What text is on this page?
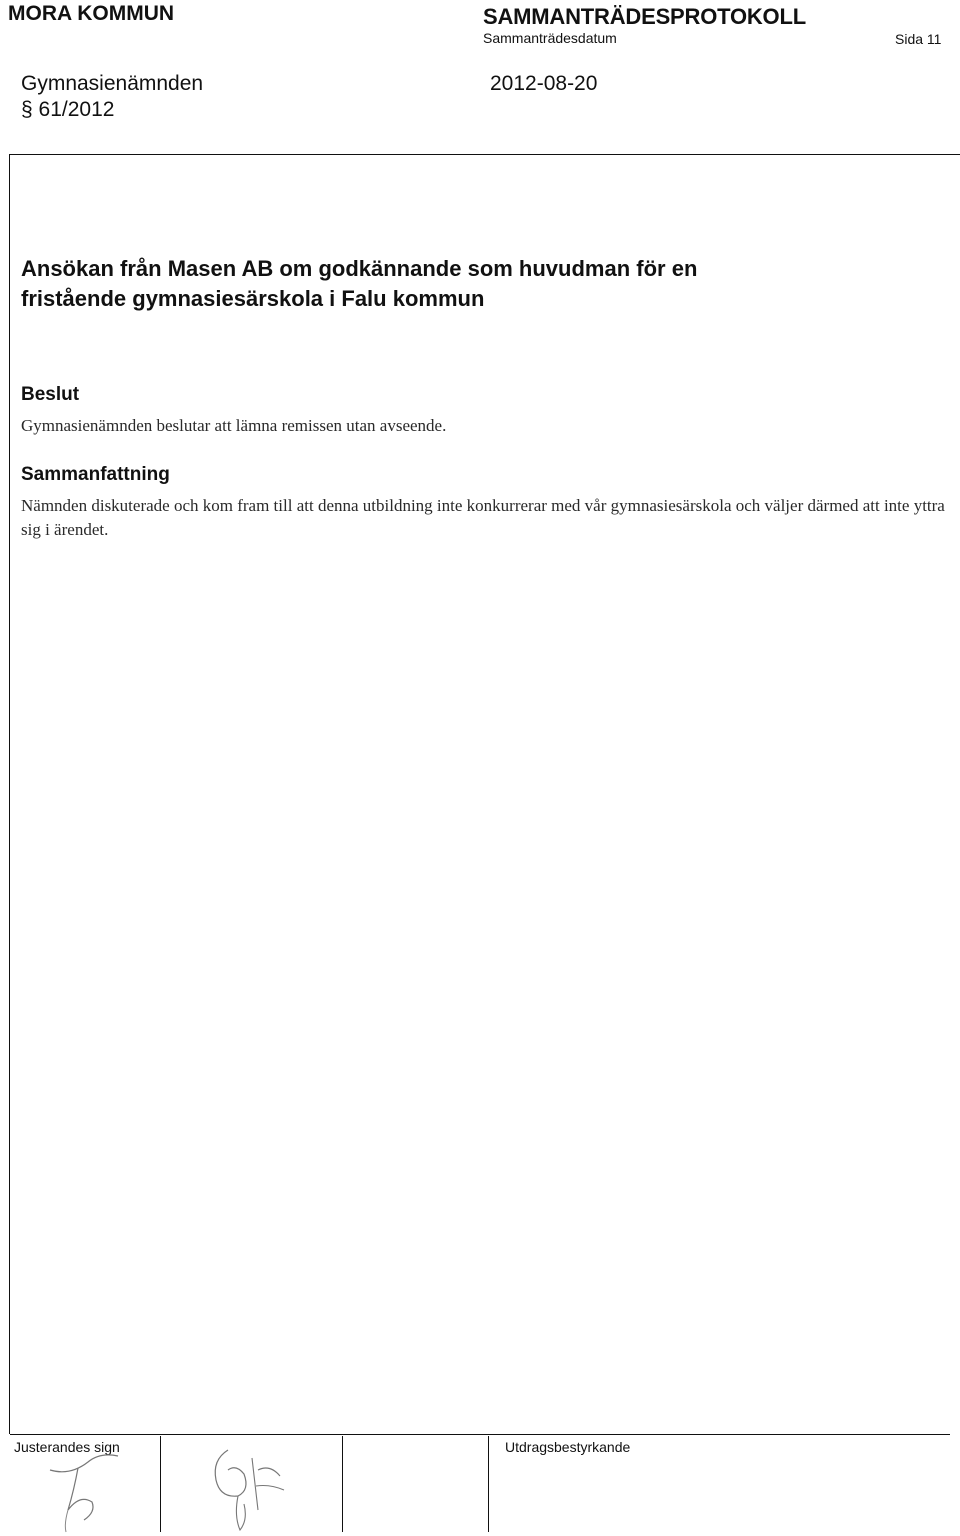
MORA KOMMUN	SAMMANTRÄDESPROTOKOLL
Sammanträdesdatum	Sida 11
Gymnasienämnden	2012-08-20
§ 61/2012
Ansökan från Masen AB om godkännande som huvudman för en
fristående gymnasiesärskola i Falu kommun
Beslut
Gymnasienämnden beslutar att lämna remissen utan avseende.
Sammanfattning
Nämnden diskuterade och kom fram till att denna utbildning inte konkurrerar med vår gymnasiesärskola och väljer därmed att inte yttra sig i ärendet.
Justerandes sign	Utdragsbestyrkande
